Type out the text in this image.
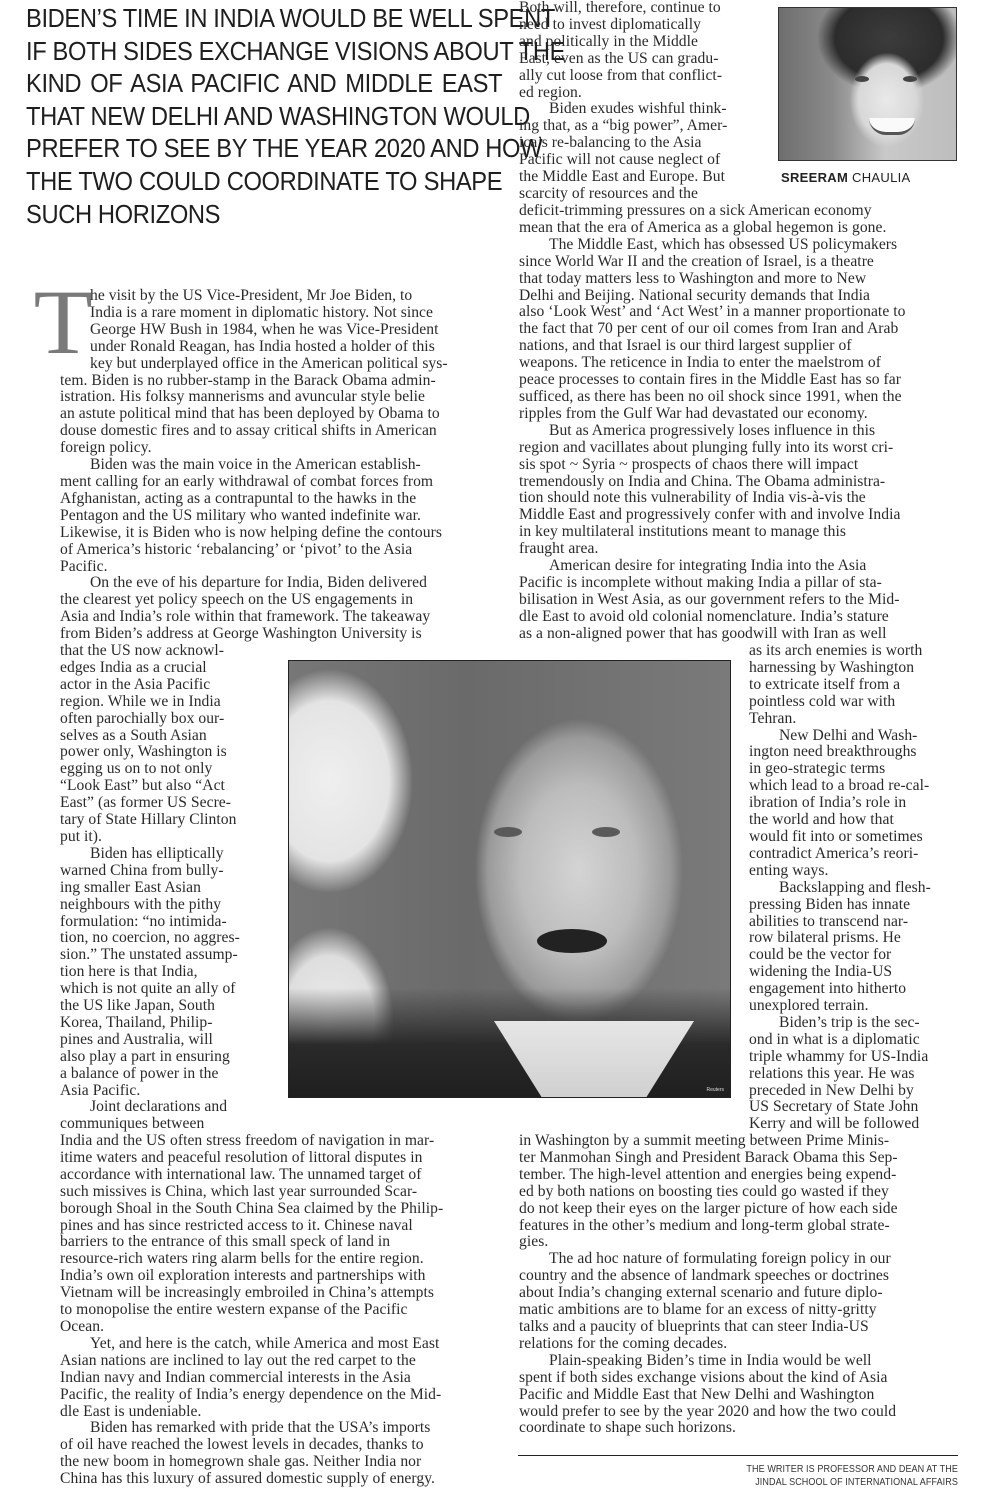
BIDEN’S TIME IN INDIA WOULD BE WELL SPENT
IF BOTH SIDES EXCHANGE VISIONS ABOUT THE
KIND OF ASIA PACIFIC AND MIDDLE EAST
THAT NEW DELHI AND WASHINGTON WOULD
PREFER TO SEE BY THE YEAR 2020 AND HOW
THE TWO COULD COORDINATE TO SHAPE
SUCH HORIZONS
SREERAM CHAULIA
T

he visit by the US Vice-President, Mr Joe Biden, to
India is a rare moment in diplomatic history. Not since
George HW Bush in 1984, when he was Vice-President
under Ronald Reagan, has India hosted a holder of this

key but underplayed office in the American political sys-
tem. Biden is no rubber-stamp in the Barack Obama admin-
istration. His folksy mannerisms and avuncular style belie
an astute political mind that has been deployed by Obama to
douse domestic fires and to assay critical shifts in American
foreign policy.

Biden was the main voice in the American establish-
ment calling for an early withdrawal of combat forces from
Afghanistan, acting as a contrapuntal to the hawks in the
Pentagon and the US military who wanted indefinite war.
Likewise, it is Biden who is now helping define the contours
of America’s historic ‘rebalancing’ or ‘pivot’ to the Asia
Pacific.

On the eve of his departure for India, Biden delivered
the clearest yet policy speech on the US engagements in
Asia and India’s role within that framework. The takeaway
from Biden’s address at George Washington University is

that the US now acknowl-
edges India as a crucial
actor in the Asia Pacific
region. While we in India
often parochially box our-
selves as a South Asian
power only, Washington is
egging us on to not only
“Look East” but also “Act
East” (as former US Secre-
tary of State Hillary Clinton
put it).

Biden has elliptically
warned China from bully-
ing smaller East Asian
neighbours with the pithy
formulation: “no intimida-
tion, no coercion, no aggres-
sion.” The unstated assump-
tion here is that India,
which is not quite an ally of
the US like Japan, South
Korea, Thailand, Philip-
pines and Australia, will
also play a part in ensuring
a balance of power in the
Asia Pacific.

Joint declarations and
communiques between

India and the US often stress freedom of navigation in mar-
itime waters and peaceful resolution of littoral disputes in
accordance with international law. The unnamed target of
such missives is China, which last year surrounded Scar-
borough Shoal in the South China Sea claimed by the Philip-
pines and has since restricted access to it. Chinese naval
barriers to the entrance of this small speck of land in
resource-rich waters ring alarm bells for the entire region.
India’s own oil exploration interests and partnerships with
Vietnam will be increasingly embroiled in China’s attempts
to monopolise the entire western expanse of the Pacific
Ocean.

Yet, and here is the catch, while America and most East
Asian nations are inclined to lay out the red carpet to the
Indian navy and Indian commercial interests in the Asia
Pacific, the reality of India’s energy dependence on the Mid-
dle East is undeniable.

Biden has remarked with pride that the USA’s imports
of oil have reached the lowest levels in decades, thanks to
the new boom in homegrown shale gas. Neither India nor
China has this luxury of assured domestic supply of energy.

Both will, therefore, continue to
need to invest diplomatically
and politically in the Middle
East, even as the US can gradu-
ally cut loose from that conflict-
ed region.

Biden exudes wishful think-
ing that, as a “big power”, Amer-
ica’s re-balancing to the Asia
Pacific will not cause neglect of
the Middle East and Europe. But
scarcity of resources and the

deficit-trimming pressures on a sick American economy
mean that the era of America as a global hegemon is gone.

The Middle East, which has obsessed US policymakers
since World War II and the creation of Israel, is a theatre
that today matters less to Washington and more to New
Delhi and Beijing. National security demands that India
also ‘Look West’ and ‘Act West’ in a manner proportionate to
the fact that 70 per cent of our oil comes from Iran and Arab
nations, and that Israel is our third largest supplier of
weapons. The reticence in India to enter the maelstrom of
peace processes to contain fires in the Middle East has so far
sufficed, as there has been no oil shock since 1991, when the
ripples from the Gulf War had devastated our economy.

But as America progressively loses influence in this
region and vacillates about plunging fully into its worst cri-
sis spot ~ Syria ~ prospects of chaos there will impact
tremendously on India and China. The Obama administra-
tion should note this vulnerability of India vis-à-vis the
Middle East and progressively confer with and involve India
in key multilateral institutions meant to manage this
fraught area.

American desire for integrating India into the Asia
Pacific is incomplete without making India a pillar of sta-
bilisation in West Asia, as our government refers to the Mid-
dle East to avoid old colonial nomenclature. India’s stature
as a non-aligned power that has goodwill with Iran as well

as its arch enemies is worth
harnessing by Washington
to extricate itself from a
pointless cold war with
Tehran.

New Delhi and Wash-
ington need breakthroughs
in geo-strategic terms
which lead to a broad re-cal-
ibration of India’s role in
the world and how that
would fit into or sometimes
contradict America’s reori-
enting ways.

Backslapping and flesh-
pressing Biden has innate
abilities to transcend nar-
row bilateral prisms. He
could be the vector for
widening the India-US
engagement into hitherto
unexplored terrain.

Biden’s trip is the sec-
ond in what is a diplomatic
triple whammy for US-India
relations this year. He was
preceded in New Delhi by
US Secretary of State John
Kerry and will be followed

in Washington by a summit meeting between Prime Minis-
ter Manmohan Singh and President Barack Obama this Sep-
tember. The high-level attention and energies being expend-
ed by both nations on boosting ties could go wasted if they
do not keep their eyes on the larger picture of how each side
features in the other’s medium and long-term global strate-
gies.

The ad hoc nature of formulating foreign policy in our
country and the absence of landmark speeches or doctrines
about India’s changing external scenario and future diplo-
matic ambitions are to blame for an excess of nitty-gritty
talks and a paucity of blueprints that can steer India-US
relations for the coming decades.

Plain-speaking Biden’s time in India would be well
spent if both sides exchange visions about the kind of Asia
Pacific and Middle East that New Delhi and Washington
would prefer to see by the year 2020 and how the two could
coordinate to shape such horizons.

Reuters
THE WRITER IS PROFESSOR AND DEAN AT THE
JINDAL SCHOOL OF INTERNATIONAL AFFAIRS
